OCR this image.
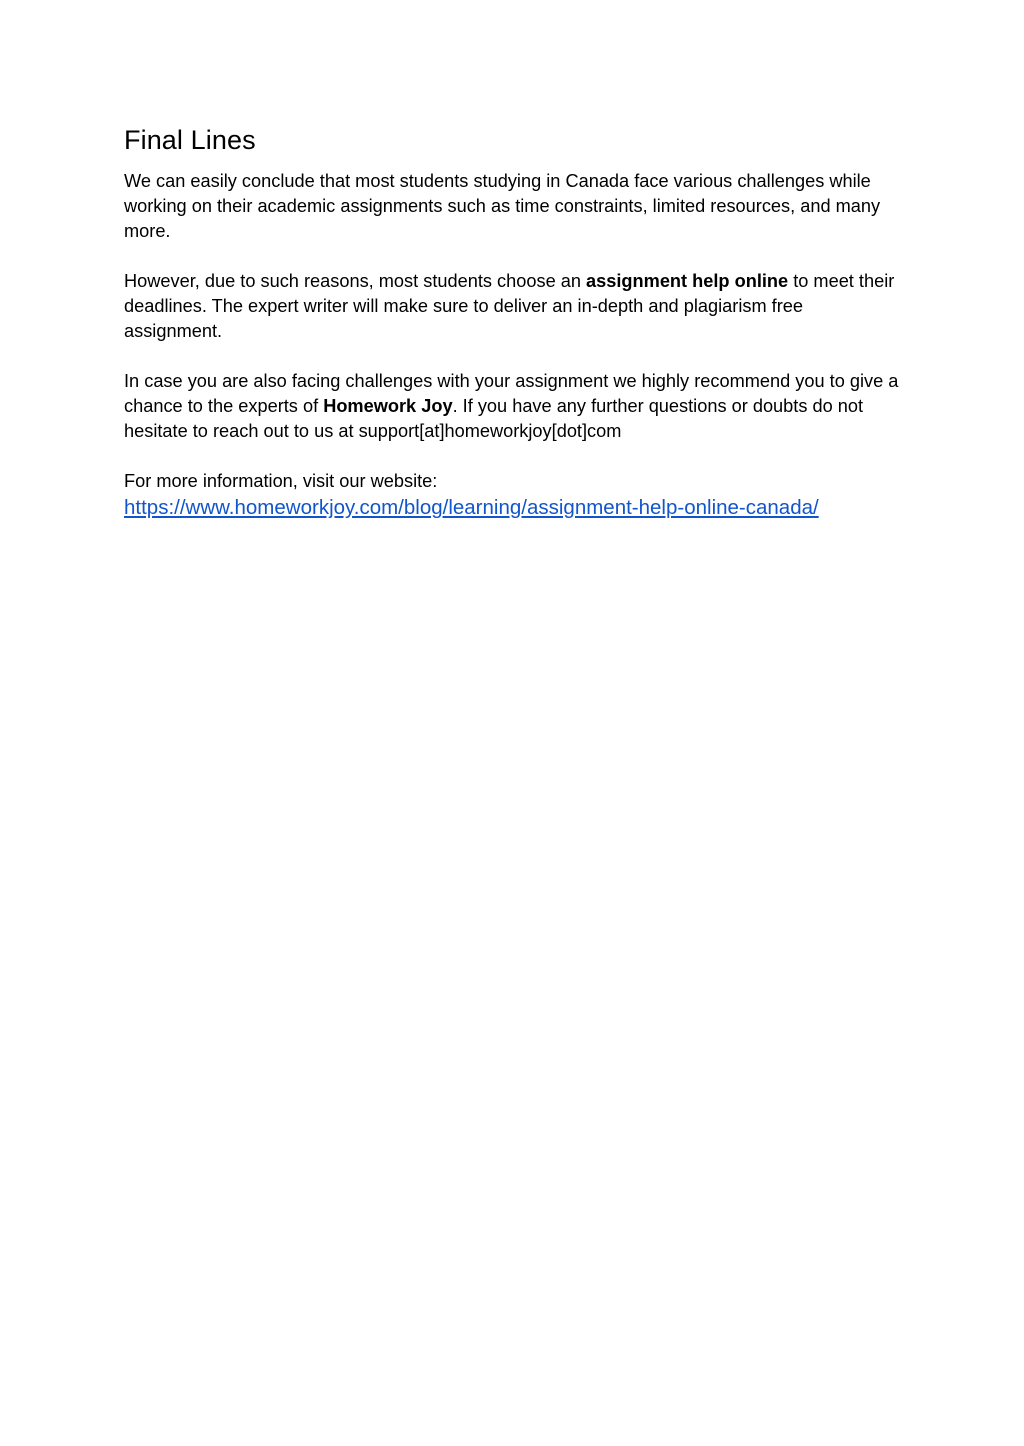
Final Lines

We can easily conclude that most students studying in Canada face various challenges while working on their academic assignments such as time constraints, limited resources, and many more.

However, due to such reasons, most students choose an assignment help online to meet their deadlines. The expert writer will make sure to deliver an in-depth and plagiarism free assignment.

In case you are also facing challenges with your assignment we highly recommend you to give a chance to the experts of Homework Joy. If you have any further questions or doubts do not hesitate to reach out to us at support[at]homeworkjoy[dot]com

For more information, visit our website:
https://www.homeworkjoy.com/blog/learning/assignment-help-online-canada/
